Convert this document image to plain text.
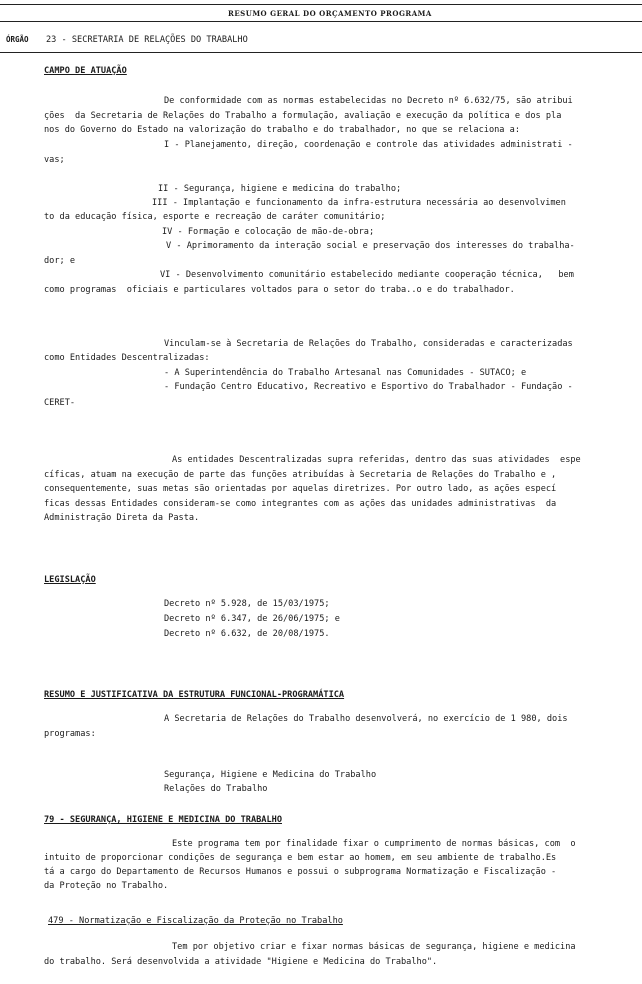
RESUMO GERAL DO ORÇAMENTO PROGRAMA
ÓRGÃO 23 - SECRETARIA DE RELAÇÕES DO TRABALHO
CAMPO DE ATUAÇÃO
De conformidade com as normas estabelecidas no Decreto nº 6.632/75, são atribui
ções  da Secretaria de Relações do Trabalho a formulação, avaliação e execução da política e dos pla
nos do Governo do Estado na valorização do trabalho e do trabalhador, no que se relaciona a:
I - Planejamento, direção, coordenação e controle das atividades administrati -
vas;
II - Segurança, higiene e medicina do trabalho;
III - Implantação e funcionamento da infra-estrutura necessária ao desenvolvimen
to da educação física, esporte e recreação de caráter comunitário;
IV - Formação e colocação de mão-de-obra;
V - Aprimoramento da interação social e preservação dos interesses do trabalha-
dor; e
VI - Desenvolvimento comunitário estabelecido mediante cooperação técnica,   bem
como programas  oficiais e particulares voltados para o setor do traba..o e do trabalhador.
Vinculam-se à Secretaria de Relações do Trabalho, consideradas e caracterizadas
como Entidades Descentralizadas:
- A Superintendência do Trabalho Artesanal nas Comunidades - SUTACO; e
- Fundação Centro Educativo, Recreativo e Esportivo do Trabalhador - Fundação -
CERET-
As entidades Descentralizadas supra referidas, dentro das suas atividades  espe
cíficas, atuam na execução de parte das funções atribuídas à Secretaria de Relações do Trabalho e ,
consequentemente, suas metas são orientadas por aquelas diretrizes. Por outro lado, as ações especí
ficas dessas Entidades consideram-se como integrantes com as ações das unidades administrativas  da
Administração Direta da Pasta.
LEGISLAÇÃO
Decreto nº 5.928, de 15/03/1975;
Decreto nº 6.347, de 26/06/1975; e
Decreto nº 6.632, de 20/08/1975.
RESUMO E JUSTIFICATIVA DA ESTRUTURA FUNCIONAL-PROGRAMÁTICA
A Secretaria de Relações do Trabalho desenvolverá, no exercício de 1 980, dois
programas:
Segurança, Higiene e Medicina do Trabalho
Relações do Trabalho
79 - SEGURANÇA, HIGIENE E MEDICINA DO TRABALHO
Este programa tem por finalidade fixar o cumprimento de normas básicas, com  o
intuito de proporcionar condições de segurança e bem estar ao homem, em seu ambiente de trabalho.Es
tá a cargo do Departamento de Recursos Humanos e possui o subprograma Normatização e Fiscalização -
da Proteção no Trabalho.
479 - Normatização e Fiscalização da Proteção no Trabalho
Tem por objetivo criar e fixar normas básicas de segurança, higiene e medicina
do trabalho. Será desenvolvida a atividade "Higiene e Medicina do Trabalho".
